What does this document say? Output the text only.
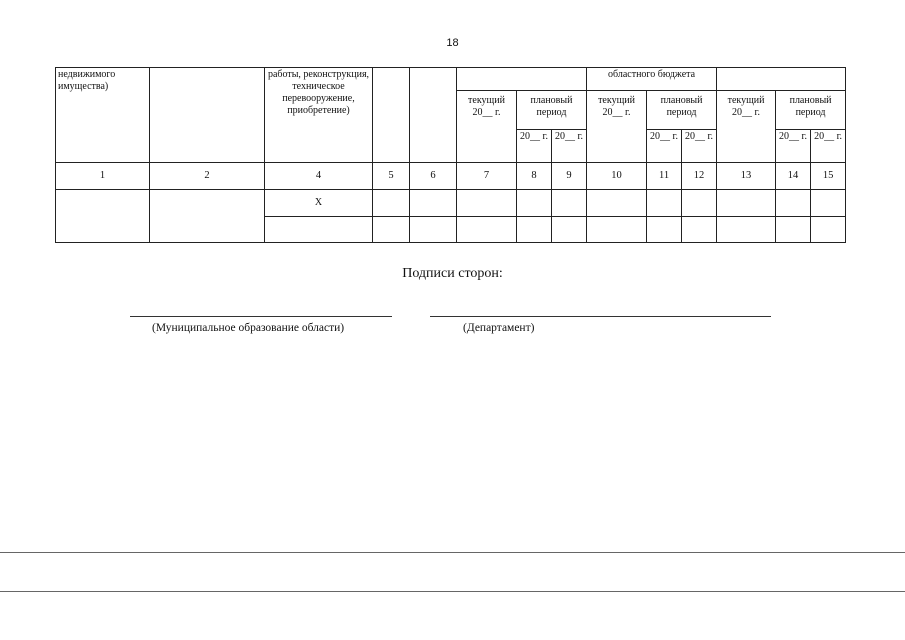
18
недвижимого имущества)		работы, реконструкция, техническое перевооружение, приобретение)						областного бюджета					
					текущий 20__ г.	плановый период		текущий 20__ г.	плановый период		текущий 20__ г.	плановый период	
						20__ г.	20__ г.		20__ г.	20__ г.		20__ г.	20__ г.
1	2	4	5	6	7	8	9	10	11	12	13	14	15
		Х											

Подписи сторон:
(Муниципальное образование области)	(Департамент)
